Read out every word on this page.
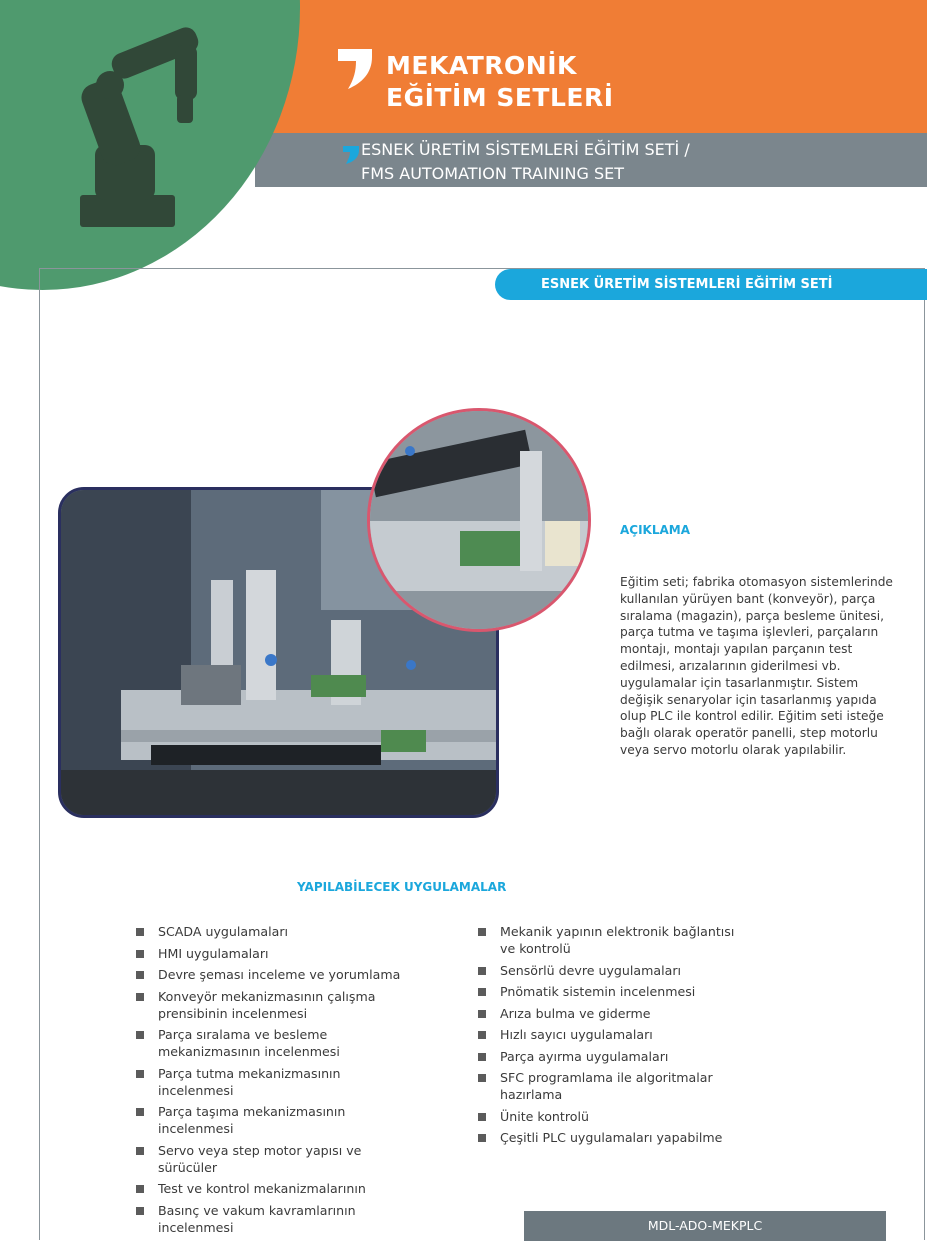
MEKATRONİK
EĞİTİM SETLERİ
ESNEK ÜRETİM SİSTEMLERİ EĞİTİM SETİ /
FMS AUTOMATION TRAINING SET
ESNEK ÜRETİM SİSTEMLERİ EĞİTİM SETİ
AÇIKLAMA
Eğitim seti; fabrika otomasyon sistemlerinde kullanılan yürüyen bant (konveyör), parça sıralama (magazin), parça besleme ünitesi, parça tutma ve taşıma işlevleri, parçaların montajı, montajı yapılan parçanın test edilmesi, arızalarının giderilmesi vb. uygulamalar için tasarlanmıştır. Sistem değişik senaryolar için tasarlanmış yapıda olup PLC ile kontrol edilir. Eğitim seti isteğe bağlı olarak operatör panelli, step motorlu veya servo motorlu olarak yapılabilir.
YAPILABİLECEK UYGULAMALAR
SCADA uygulamaları
HMI uygulamaları
Devre şeması inceleme ve yorumlama
Konveyör mekanizmasının çalışma prensibinin incelenmesi
Parça sıralama ve besleme mekanizmasının incelenmesi
Parça tutma mekanizmasının incelenmesi
Parça taşıma mekanizmasının incelenmesi
Servo veya step motor yapısı ve sürücüler
Test ve kontrol mekanizmalarının
Basınç ve vakum kavramlarının incelenmesi
Mekanik yapının elektronik bağlantısı ve kontrolü
Sensörlü devre uygulamaları
Pnömatik sistemin incelenmesi
Arıza bulma ve giderme
Hızlı sayıcı uygulamaları
Parça ayırma uygulamaları
SFC programlama ile algoritmalar hazırlama
Ünite kontrolü
Çeşitli PLC uygulamaları yapabilme
MDL-ADO-MEKPLC
